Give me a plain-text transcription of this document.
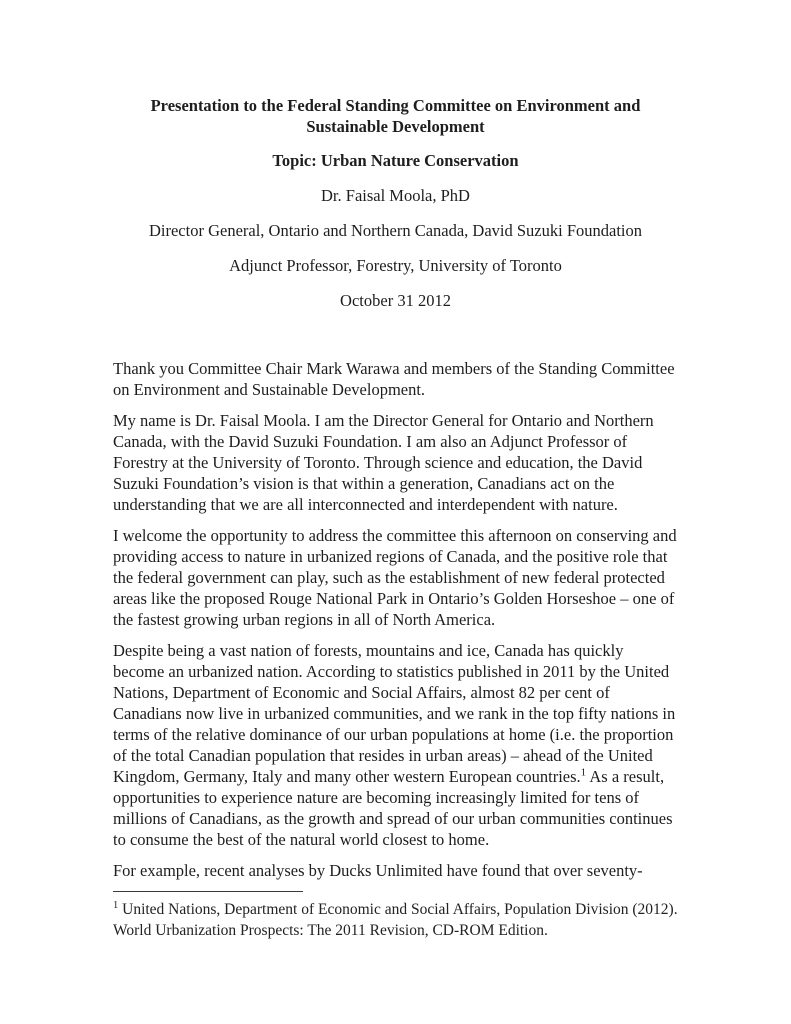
Presentation to the Federal Standing Committee on Environment and Sustainable Development
Topic: Urban Nature Conservation
Dr. Faisal Moola, PhD
Director General, Ontario and Northern Canada, David Suzuki Foundation
Adjunct Professor, Forestry, University of Toronto
October 31 2012

Thank you Committee Chair Mark Warawa and members of the Standing Committee on Environment and Sustainable Development.

My name is Dr. Faisal Moola. I am the Director General for Ontario and Northern Canada, with the David Suzuki Foundation. I am also an Adjunct Professor of Forestry at the University of Toronto. Through science and education, the David Suzuki Foundation’s vision is that within a generation, Canadians act on the understanding that we are all interconnected and interdependent with nature.

I welcome the opportunity to address the committee this afternoon on conserving and providing access to nature in urbanized regions of Canada, and the positive role that the federal government can play, such as the establishment of new federal protected areas like the proposed Rouge National Park in Ontario’s Golden Horseshoe – one of the fastest growing urban regions in all of North America.

Despite being a vast nation of forests, mountains and ice, Canada has quickly become an urbanized nation. According to statistics published in 2011 by the United Nations, Department of Economic and Social Affairs, almost 82 per cent of Canadians now live in urbanized communities, and we rank in the top fifty nations in terms of the relative dominance of our urban populations at home (i.e. the proportion of the total Canadian population that resides in urban areas) – ahead of the United Kingdom, Germany, Italy and many other western European countries.$^1$ As a result, opportunities to experience nature are becoming increasingly limited for tens of millions of Canadians, as the growth and spread of our urban communities continues to consume the best of the natural world closest to home.

For example, recent analyses by Ducks Unlimited have found that over seventy-

$^1$ United Nations, Department of Economic and Social Affairs, Population Division (2012). World Urbanization Prospects: The 2011 Revision, CD-ROM Edition.
